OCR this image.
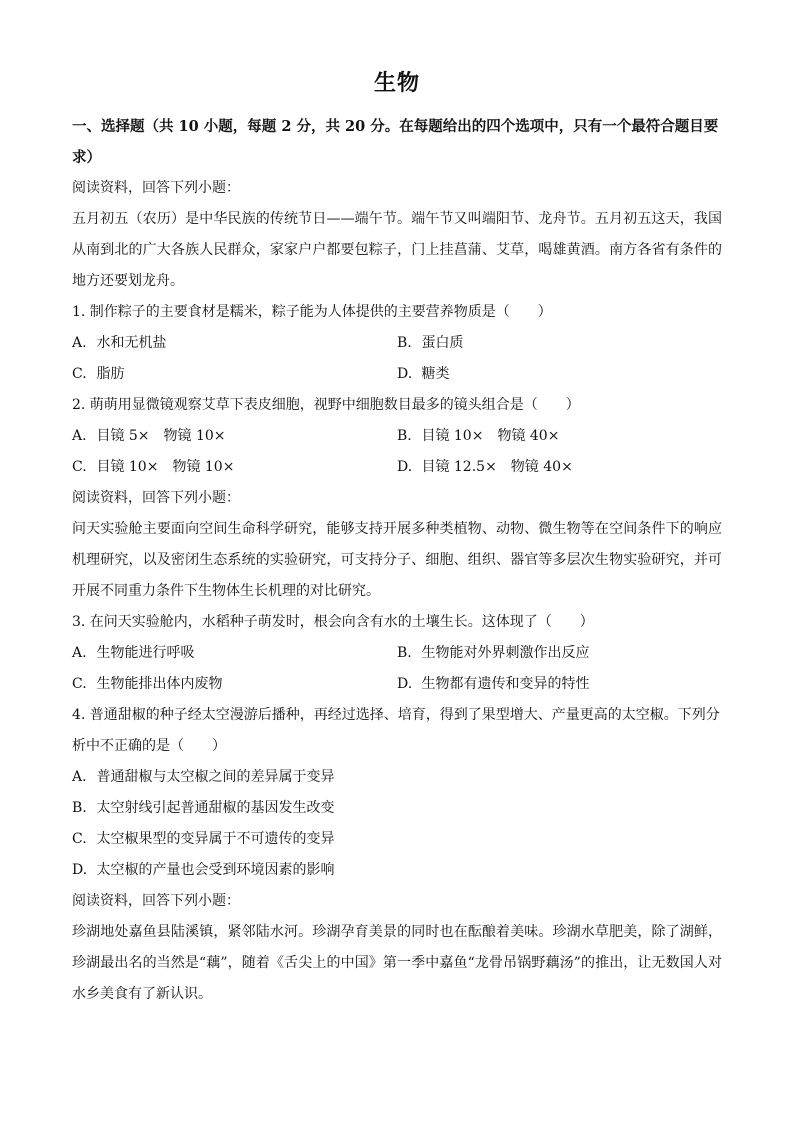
生物

一、选择题（共 10 小题，每题 2 分，共 20 分。在每题给出的四个选项中，只有一个最符合题目要求）

阅读资料，回答下列小题：

五月初五（农历）是中华民族的传统节日——端午节。端午节又叫端阳节、龙舟节。五月初五这天，我国从南到北的广大各族人民群众，家家户户都要包粽子，门上挂菖蒲、艾草，喝雄黄酒。南方各省有条件的地方还要划龙舟。

1. 制作粽子的主要食材是糯米，粽子能为人体提供的主要营养物质是（　　）

A. 水和无机盐	B. 蛋白质
C. 脂肪	D. 糖类

2. 萌萌用显微镜观察艾草下表皮细胞，视野中细胞数目最多的镜头组合是（　　）

A. 目镜 5×　物镜 10×	B. 目镜 10×　物镜 40×
C. 目镜 10×　物镜 10×	D. 目镜 12.5×　物镜 40×

阅读资料，回答下列小题：

问天实验舱主要面向空间生命科学研究，能够支持开展多种类植物、动物、微生物等在空间条件下的响应机理研究，以及密闭生态系统的实验研究，可支持分子、细胞、组织、器官等多层次生物实验研究，并可开展不同重力条件下生物体生长机理的对比研究。

3. 在问天实验舱内，水稻种子萌发时，根会向含有水的土壤生长。这体现了（　　）

A. 生物能进行呼吸	B. 生物能对外界刺激作出反应
C. 生物能排出体内废物	D. 生物都有遗传和变异的特性

4. 普通甜椒的种子经太空漫游后播种，再经过选择、培育，得到了果型增大、产量更高的太空椒。下列分析中不正确的是（　　）

A. 普通甜椒与太空椒之间的差异属于变异
B. 太空射线引起普通甜椒的基因发生改变
C. 太空椒果型的变异属于不可遗传的变异
D. 太空椒的产量也会受到环境因素的影响

阅读资料，回答下列小题：

珍湖地处嘉鱼县陆溪镇，紧邻陆水河。珍湖孕育美景的同时也在酝酿着美味。珍湖水草肥美，除了湖鲜，珍湖最出名的当然是“藕”，随着《舌尖上的中国》第一季中嘉鱼“龙骨吊锅野藕汤”的推出，让无数国人对水乡美食有了新认识。
